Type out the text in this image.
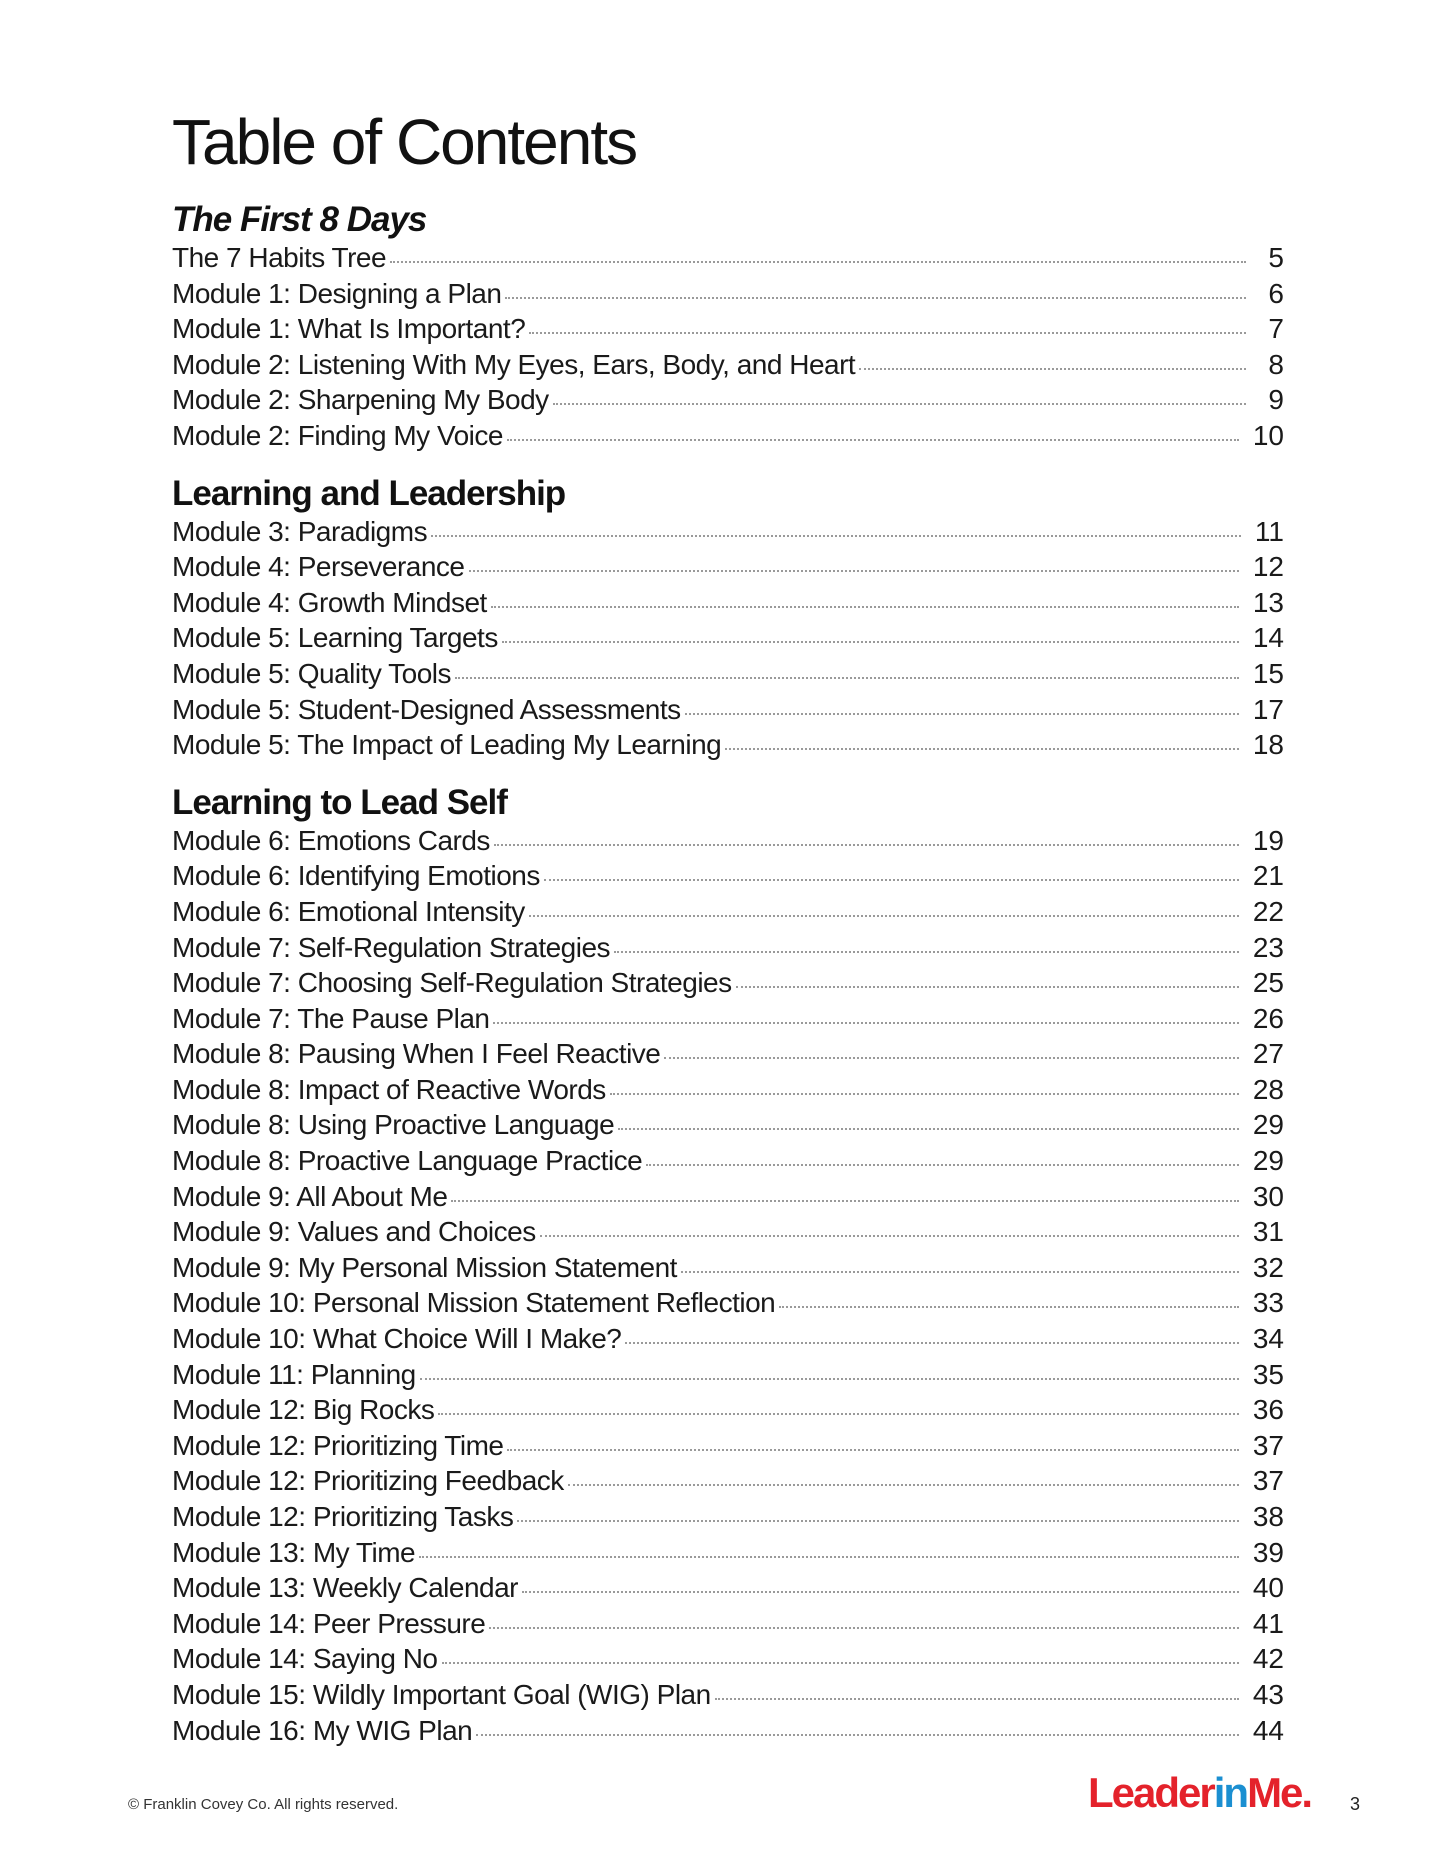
Table of Contents
The First 8 Days
The 7 Habits Tree	5
Module 1: Designing a Plan	6
Module 1: What Is Important?	7
Module 2: Listening With My Eyes, Ears, Body, and Heart	8
Module 2: Sharpening My Body	9
Module 2: Finding My Voice	10
Learning and Leadership
Module 3: Paradigms	11
Module 4: Perseverance	12
Module 4: Growth Mindset	13
Module 5: Learning Targets	14
Module 5: Quality Tools	15
Module 5: Student-Designed Assessments	17
Module 5: The Impact of Leading My Learning	18
Learning to Lead Self
Module 6: Emotions Cards	19
Module 6: Identifying Emotions	21
Module 6: Emotional Intensity	22
Module 7: Self-Regulation Strategies	23
Module 7: Choosing Self-Regulation Strategies	25
Module 7: The Pause Plan	26
Module 8: Pausing When I Feel Reactive	27
Module 8: Impact of Reactive Words	28
Module 8: Using Proactive Language	29
Module 8: Proactive Language Practice	29
Module 9: All About Me	30
Module 9: Values and Choices	31
Module 9: My Personal Mission Statement	32
Module 10: Personal Mission Statement Reflection	33
Module 10: What Choice Will I Make?	34
Module 11: Planning	35
Module 12: Big Rocks	36
Module 12: Prioritizing Time	37
Module 12: Prioritizing Feedback	37
Module 12: Prioritizing Tasks	38
Module 13: My Time	39
Module 13: Weekly Calendar	40
Module 14: Peer Pressure	41
Module 14: Saying No	42
Module 15: Wildly Important Goal (WIG) Plan	43
Module 16: My WIG Plan	44
© Franklin Covey Co. All rights reserved.	LeaderinMe. 3
